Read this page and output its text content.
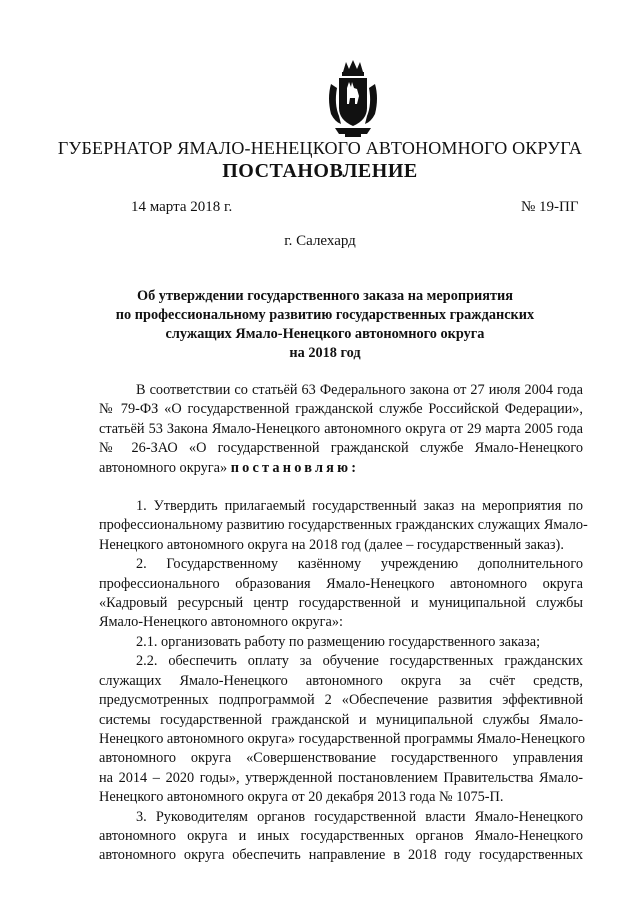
ГУБЕРНАТОР ЯМАЛО-НЕНЕЦКОГО АВТОНОМНОГО ОКРУГА
ПОСТАНОВЛЕНИЕ
14 марта 2018 г.	№ 19-ПГ
г. Салехард
Об утверждении государственного заказа на мероприятия
по профессиональному развитию государственных гражданских
служащих Ямало-Ненецкого автономного округа
на 2018 год
В соответствии со статьёй 63 Федерального закона от 27 июля 2004 года
№ 79-ФЗ «О государственной гражданской службе Российской Федерации»,
статьёй 53 Закона Ямало-Ненецкого автономного округа от 29 марта 2005 года
№ 26-ЗАО «О государственной гражданской службе Ямало-Ненецкого
автономного округа» постановляю:
1. Утвердить прилагаемый государственный заказ на мероприятия по
профессиональному развитию государственных гражданских служащих Ямало-
Ненецкого автономного округа на 2018 год (далее – государственный заказ).
2. Государственному казённому учреждению дополнительного
профессионального образования Ямало-Ненецкого автономного округа
«Кадровый ресурсный центр государственной и муниципальной службы
Ямало-Ненецкого автономного округа»:
2.1. организовать работу по размещению государственного заказа;
2.2. обеспечить оплату за обучение государственных гражданских
служащих Ямало-Ненецкого автономного округа за счёт средств,
предусмотренных подпрограммой 2 «Обеспечение развития эффективной
системы государственной гражданской и муниципальной службы Ямало-
Ненецкого автономного округа» государственной программы Ямало-Ненецкого
автономного округа «Совершенствование государственного управления
на 2014 – 2020 годы», утвержденной постановлением Правительства Ямало-
Ненецкого автономного округа от 20 декабря 2013 года № 1075-П.
3. Руководителям органов государственной власти Ямало-Ненецкого
автономного округа и иных государственных органов Ямало-Ненецкого
автономного округа обеспечить направление в 2018 году государственных
